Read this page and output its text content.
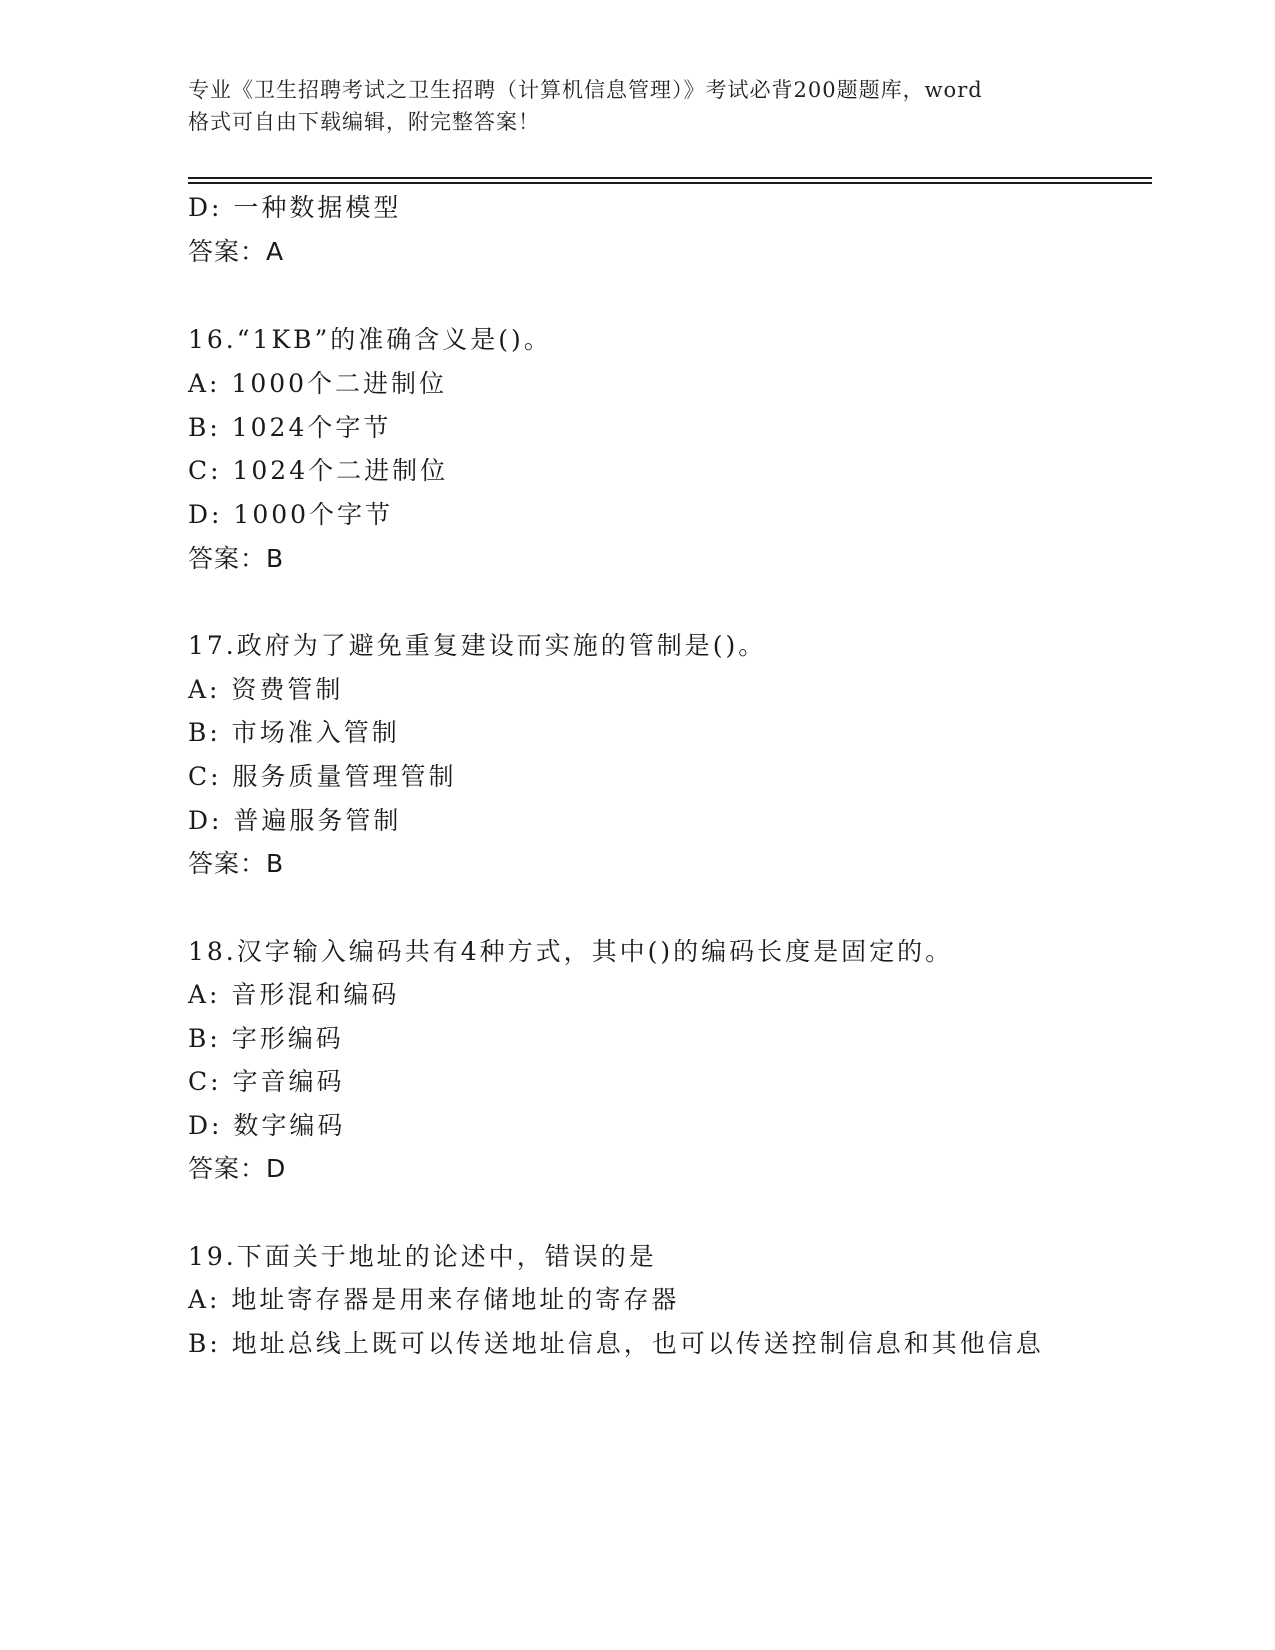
专业《卫生招聘考试之卫生招聘（计算机信息管理）》考试必背200题题库，word
格式可自由下载编辑，附完整答案！
D: 一种数据模型
答案：A
16.“1KB”的准确含义是()。
A: 1000个二进制位
B: 1024个字节
C: 1024个二进制位
D: 1000个字节
答案：B
17.政府为了避免重复建设而实施的管制是()。
A: 资费管制
B: 市场准入管制
C: 服务质量管理管制
D: 普遍服务管制
答案：B
18.汉字输入编码共有4种方式，其中()的编码长度是固定的。
A: 音形混和编码
B: 字形编码
C: 字音编码
D: 数字编码
答案：D
19.下面关于地址的论述中，错误的是
A: 地址寄存器是用来存储地址的寄存器
B: 地址总线上既可以传送地址信息，也可以传送控制信息和其他信息
